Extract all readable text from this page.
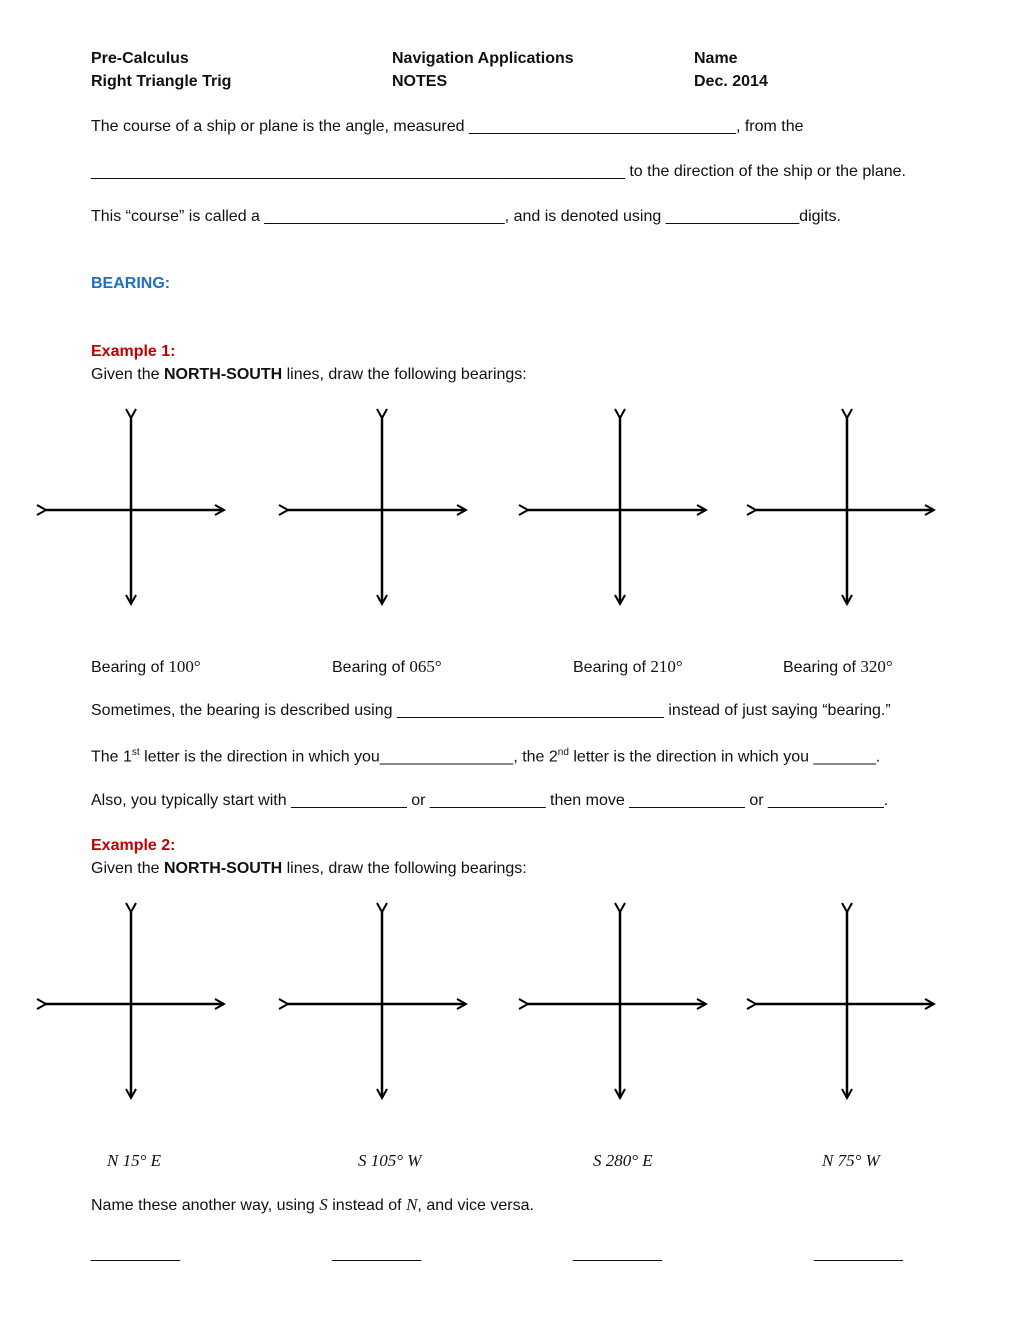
Pre-Calculus
Right Triangle Trig
Navigation Applications
NOTES
Name
Dec. 2014
The course of a ship or plane is the angle, measured ______________________________, from the
____________________________________________________________ to the direction of the ship or the plane.
This “course” is called a ___________________________, and is denoted using _______________digits.
BEARING:
Example 1:
Given the NORTH-SOUTH lines, draw the following bearings:
Bearing of 100°	Bearing of 065°	Bearing of 210°	Bearing of 320°
Sometimes, the bearing is described using ______________________________ instead of just saying “bearing.”
The 1st letter is the direction in which you_______________, the 2nd letter is the direction in which you _______.
Also, you typically start with _____________ or _____________ then move _____________ or _____________.
Example 2:
Given the NORTH-SOUTH lines, draw the following bearings:
N 15° E	S 105° W	S 280° E	N 75° W
Name these another way, using S instead of N, and vice versa.
__________	__________	__________	__________
